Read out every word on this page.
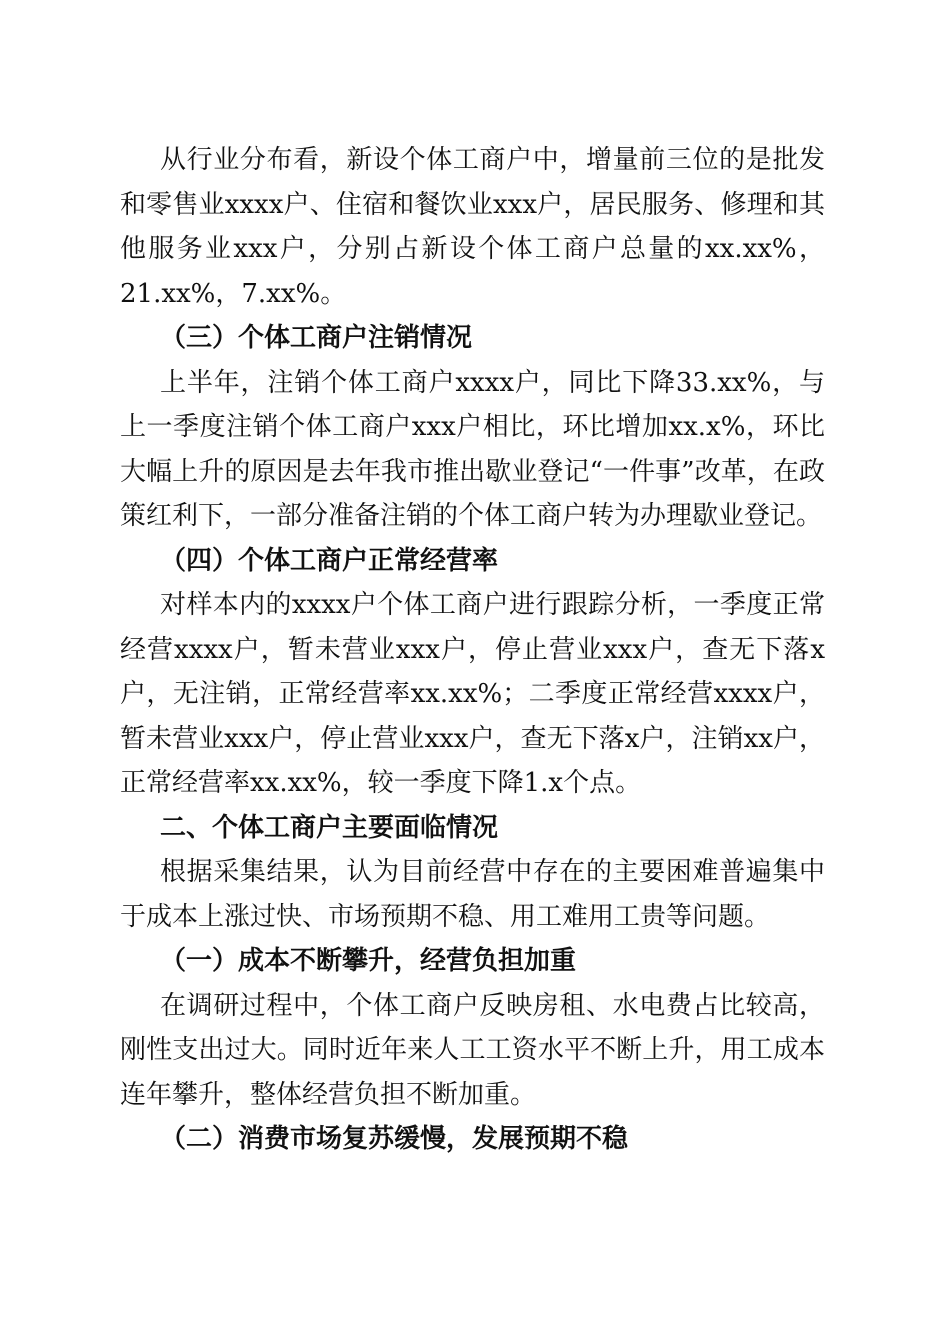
从行业分布看，新设个体工商户中，增量前三位的是批发和零售业xxxx户、住宿和餐饮业xxx户，居民服务、修理和其他服务业xxx户，分别占新设个体工商户总量的xx.xx%，21.xx%，7.xx%。

（三）个体工商户注销情况

上半年，注销个体工商户xxxx户，同比下降33.xx%，与上一季度注销个体工商户xxx户相比，环比增加xx.x%，环比大幅上升的原因是去年我市推出歇业登记“一件事”改革，在政策红利下，一部分准备注销的个体工商户转为办理歇业登记。

（四）个体工商户正常经营率

对样本内的xxxx户个体工商户进行跟踪分析，一季度正常经营xxxx户，暂未营业xxx户，停止营业xxx户，查无下落x户，无注销，正常经营率xx.xx%；二季度正常经营xxxx户，暂未营业xxx户，停止营业xxx户，查无下落x户，注销xx户，正常经营率xx.xx%，较一季度下降1.x个点。

二、个体工商户主要面临情况

根据采集结果，认为目前经营中存在的主要困难普遍集中于成本上涨过快、市场预期不稳、用工难用工贵等问题。

（一）成本不断攀升，经营负担加重

在调研过程中，个体工商户反映房租、水电费占比较高，刚性支出过大。同时近年来人工工资水平不断上升，用工成本连年攀升，整体经营负担不断加重。

（二）消费市场复苏缓慢，发展预期不稳
